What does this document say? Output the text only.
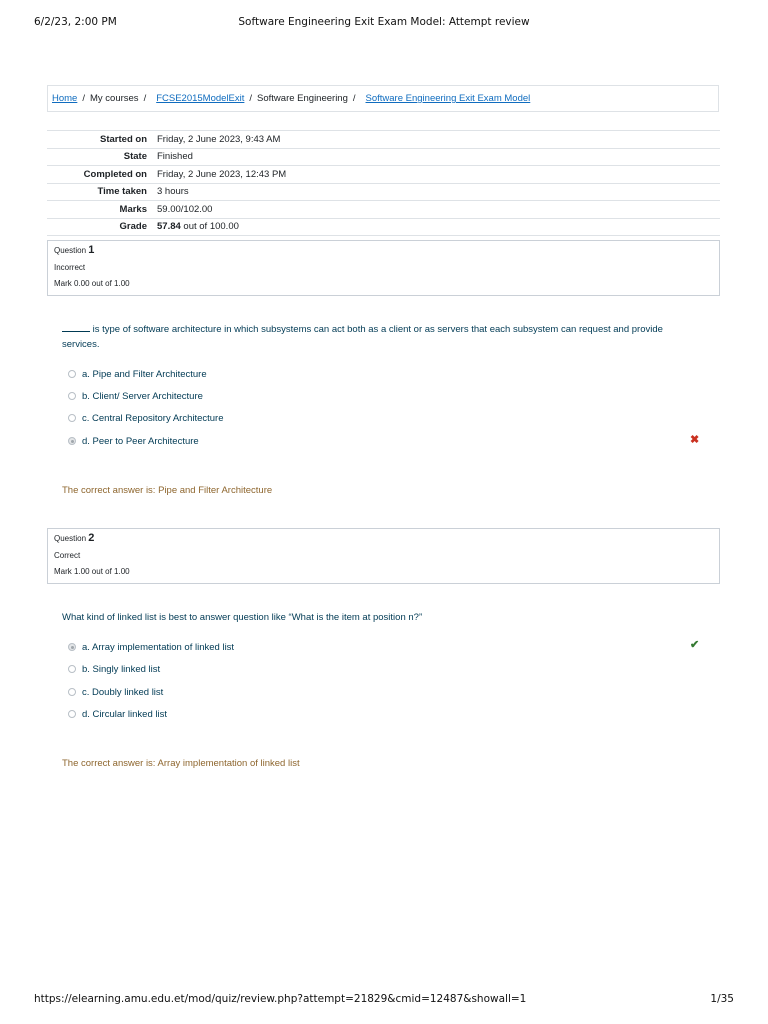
6/2/23, 2:00 PM	Software Engineering Exit Exam Model: Attempt review
Home / My courses / FCSE2015ModelExit / Software Engineering / Software Engineering Exit Exam Model
Started on	Friday, 2 June 2023, 9:43 AM
State	Finished
Completed on	Friday, 2 June 2023, 12:43 PM
Time taken	3 hours
Marks	59.00/102.00
Grade	57.84 out of 100.00
Question 1
Incorrect
Mark 0.00 out of 1.00
is type of software architecture in which subsystems can act both as a client or as servers that each subsystem can request and provide services.
a. Pipe and Filter Architecture
b. Client/ Server Architecture
c. Central Repository Architecture
d. Peer to Peer Architecture	✖
The correct answer is: Pipe and Filter Architecture
Question 2
Correct
Mark 1.00 out of 1.00
What kind of linked list is best to answer question like “What is the item at position n?”
a. Array implementation of linked list
b. Singly linked list
c. Doubly linked list
d. Circular linked list
✔
The correct answer is: Array implementation of linked list
https://elearning.amu.edu.et/mod/quiz/review.php?attempt=21829&cmid=12487&showall=1	1/35
